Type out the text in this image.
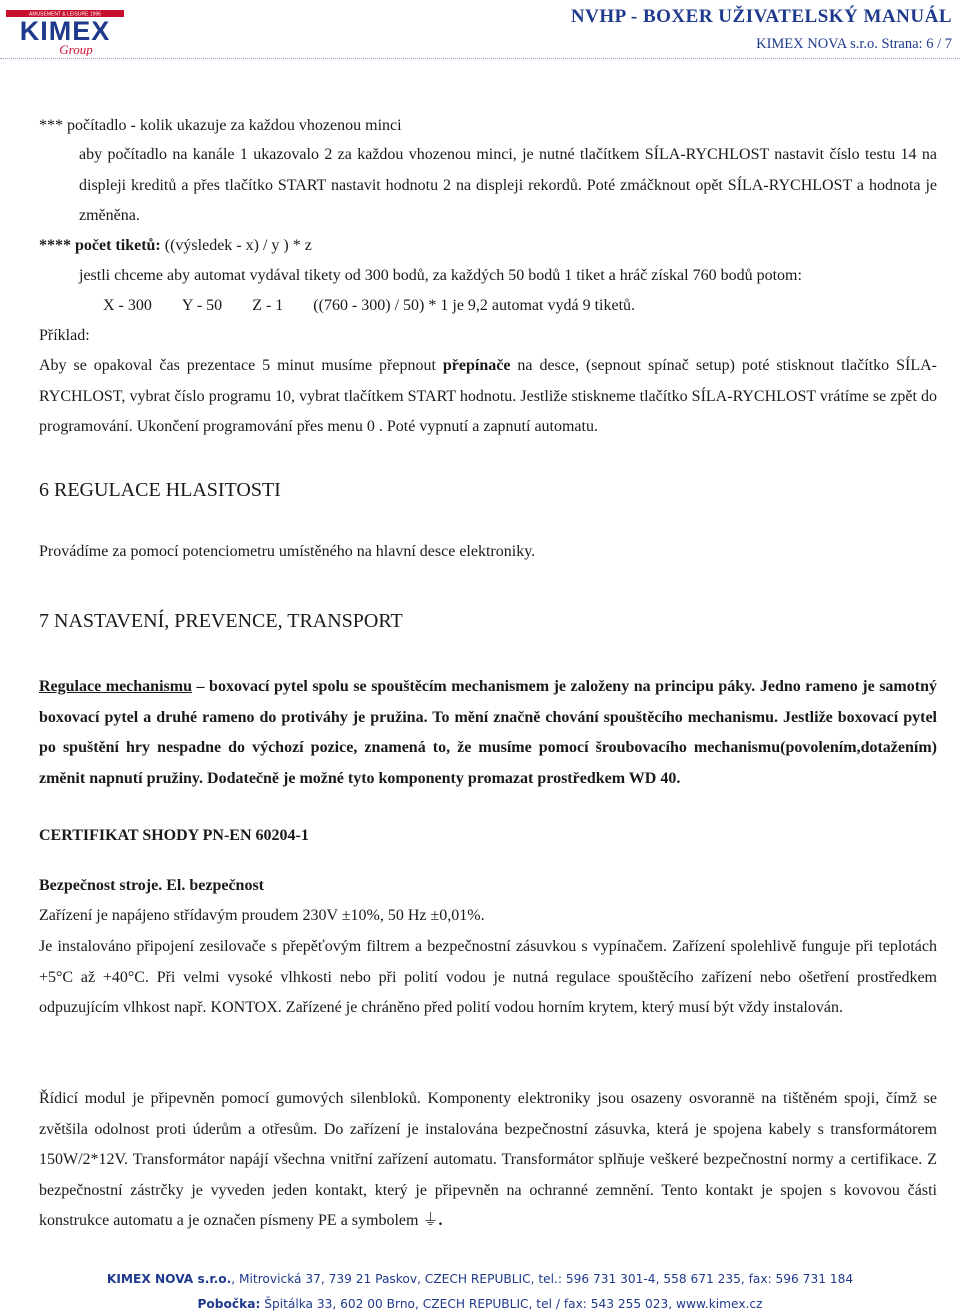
AMUSEMENT & LEISURE 1996
KIMEX
Group
NVHP - BOXER UŽIVATELSKÝ MANUÁL
KIMEX NOVA s.r.o. Strana: 6 / 7
*** počítadlo - kolik ukazuje za každou vhozenou minci
aby počítadlo na kanále 1 ukazovalo 2 za každou vhozenou minci, je nutné tlačítkem SÍLA-RYCHLOST nastavit číslo testu 14 na displeji kreditů a přes tlačítko START nastavit hodnotu 2 na displeji rekordů. Poté zmáčknout opět SÍLA-RYCHLOST a hodnota je změněna.
**** počet tiketů: ((výsledek - x) / y ) * z
jestli chceme aby automat vydával tikety od 300 bodů, za každých 50 bodů 1 tiket a hráč získal 760 bodů potom:
X - 300 Y - 50 Z - 1 ((760 - 300) / 50) * 1 je 9,2 automat vydá 9 tiketů.
Příklad:
Aby se opakoval čas prezentace 5 minut musíme přepnout přepínače na desce, (sepnout spínač setup) poté stisknout tlačítko SÍLA-RYCHLOST, vybrat číslo programu 10, vybrat tlačítkem START hodnotu. Jestliže stiskneme tlačítko SÍLA-RYCHLOST vrátíme se zpět do programování. Ukončení programování přes menu 0 . Poté vypnutí a zapnutí automatu.
6 REGULACE HLASITOSTI
Provádíme za pomocí potenciometru umístěného na hlavní desce elektroniky.
7 NASTAVENÍ, PREVENCE, TRANSPORT
Regulace mechanismu – boxovací pytel spolu se spouštěcím mechanismem je založeny na principu páky. Jedno rameno je samotný boxovací pytel a druhé rameno do protiváhy je pružina. To mění značně chování spouštěcího mechanismu. Jestliže boxovací pytel po spuštění hry nespadne do výchozí pozice, znamená to, že musíme pomocí šroubovacího mechanismu(povolením,dotažením) změnit napnutí pružiny. Dodatečně je možné tyto komponenty promazat prostředkem WD 40.
CERTIFIKAT SHODY PN-EN 60204-1
Bezpečnost stroje. El. bezpečnost
Zařízení je napájeno střídavým proudem 230V ±10%, 50 Hz ±0,01%.
Je instalováno připojení zesilovače s přepěťovým filtrem a bezpečnostní zásuvkou s vypínačem. Zařízení spolehlivě funguje při teplotách +5°C až +40°C. Při velmi vysoké vlhkosti nebo při polití vodou je nutná regulace spouštěcího zařízení nebo ošetření prostředkem odpuzujícím vlhkost např. KONTOX. Zařízené je chráněno před polití vodou horním krytem, který musí být vždy instalován.
Řídicí modul je připevněn pomocí gumových silenbloků. Komponenty elektroniky jsou osazeny osvorannë na tištěném spoji, čímž se zvětšila odolnost proti úderům a otřesům. Do zařízení je instalována bezpečnostní zásuvka, která je spojena kabely s transformátorem 150W/2*12V. Transformátor napájí všechna vnitřní zařízení automatu. Transformátor splňuje veškeré bezpečnostní normy a certifikace. Z bezpečnostní zástrčky je vyveden jeden kontakt, který je připevněn na ochranné zemnění. Tento kontakt je spojen s kovovou části konstrukce automatu a je označen písmeny PE a symbolem ⏚.
KIMEX NOVA s.r.o., Mitrovická 37, 739 21 Paskov, CZECH REPUBLIC, tel.: 596 731 301-4, 558 671 235, fax: 596 731 184
Pobočka: Špitálka 33, 602 00 Brno, CZECH REPUBLIC, tel / fax: 543 255 023, www.kimex.cz
